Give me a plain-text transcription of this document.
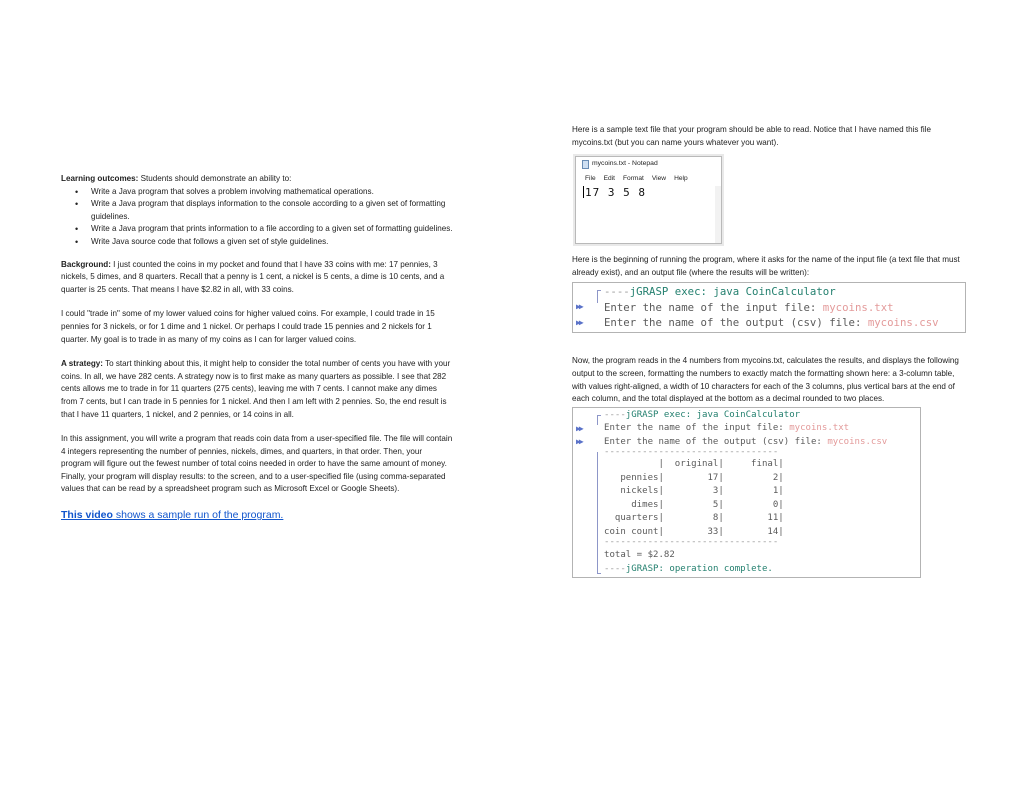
Learning outcomes: Students should demonstrate an ability to:
• Write a Java program that solves a problem involving mathematical operations.
• Write a Java program that displays information to the console according to a given set of formatting guidelines.
• Write a Java program that prints information to a file according to a given set of formatting guidelines.
• Write Java source code that follows a given set of style guidelines.

Background: I just counted the coins in my pocket and found that I have 33 coins with me: 17 pennies, 3 nickels, 5 dimes, and 8 quarters. Recall that a penny is 1 cent, a nickel is 5 cents, a dime is 10 cents, and a quarter is 25 cents. That means I have $2.82 in all, with 33 coins.

I could "trade in" some of my lower valued coins for higher valued coins. For example, I could trade in 15 pennies for 3 nickels, or for 1 dime and 1 nickel. Or perhaps I could trade 15 pennies and 2 nickels for 1 quarter. My goal is to trade in as many of my coins as I can for larger valued coins.

A strategy: To start thinking about this, it might help to consider the total number of cents you have with your coins. In all, we have 282 cents. A strategy now is to first make as many quarters as possible. I see that 282 cents allows me to trade in for 11 quarters (275 cents), leaving me with 7 cents. I cannot make any dimes from 7 cents, but I can trade in 5 pennies for 1 nickel. And then I am left with 2 pennies. So, the end result is that I have 11 quarters, 1 nickel, and 2 pennies, or 14 coins in all.

In this assignment, you will write a program that reads coin data from a user-specified file. The file will contain 4 integers representing the number of pennies, nickels, dimes, and quarters, in that order. Then, your program will figure out the fewest number of total coins needed in order to have the same amount of money. Finally, your program will display results: to the screen, and to a user-specified file (using comma-separated values that can be read by a spreadsheet program such as Microsoft Excel or Google Sheets).

This video shows a sample run of the program.

Here is a sample text file that your program should be able to read. Notice that I have named this file mycoins.txt (but you can name yours whatever you want).

mycoins.txt - Notepad
File Edit Format View Help
17 3 5 8

Here is the beginning of running the program, where it asks for the name of the input file (a text file that must already exist), and an output file (where the results will be written):

▶▶
▶▶
----jGRASP exec: java CoinCalculator
Enter the name of the input file: mycoins.txt
Enter the name of the output (csv) file: mycoins.csv

Now, the program reads in the 4 numbers from mycoins.txt, calculates the results, and displays the following output to the screen, formatting the numbers to exactly match the formatting shown here: a 3-column table, with values right-aligned, a width of 10 characters for each of the 3 columns, plus vertical bars at the end of each column, and the total displayed at the bottom as a decimal rounded to two places.

▶▶
▶▶
----jGRASP exec: java CoinCalculator
Enter the name of the input file: mycoins.txt
Enter the name of the output (csv) file: mycoins.csv
--------------------------------
|  original|     final|
pennies|        17|         2|
nickels|         3|         1|
dimes|         5|         0|
quarters|         8|        11|
coin count|        33|        14|
--------------------------------
total = $2.82
----jGRASP: operation complete.
